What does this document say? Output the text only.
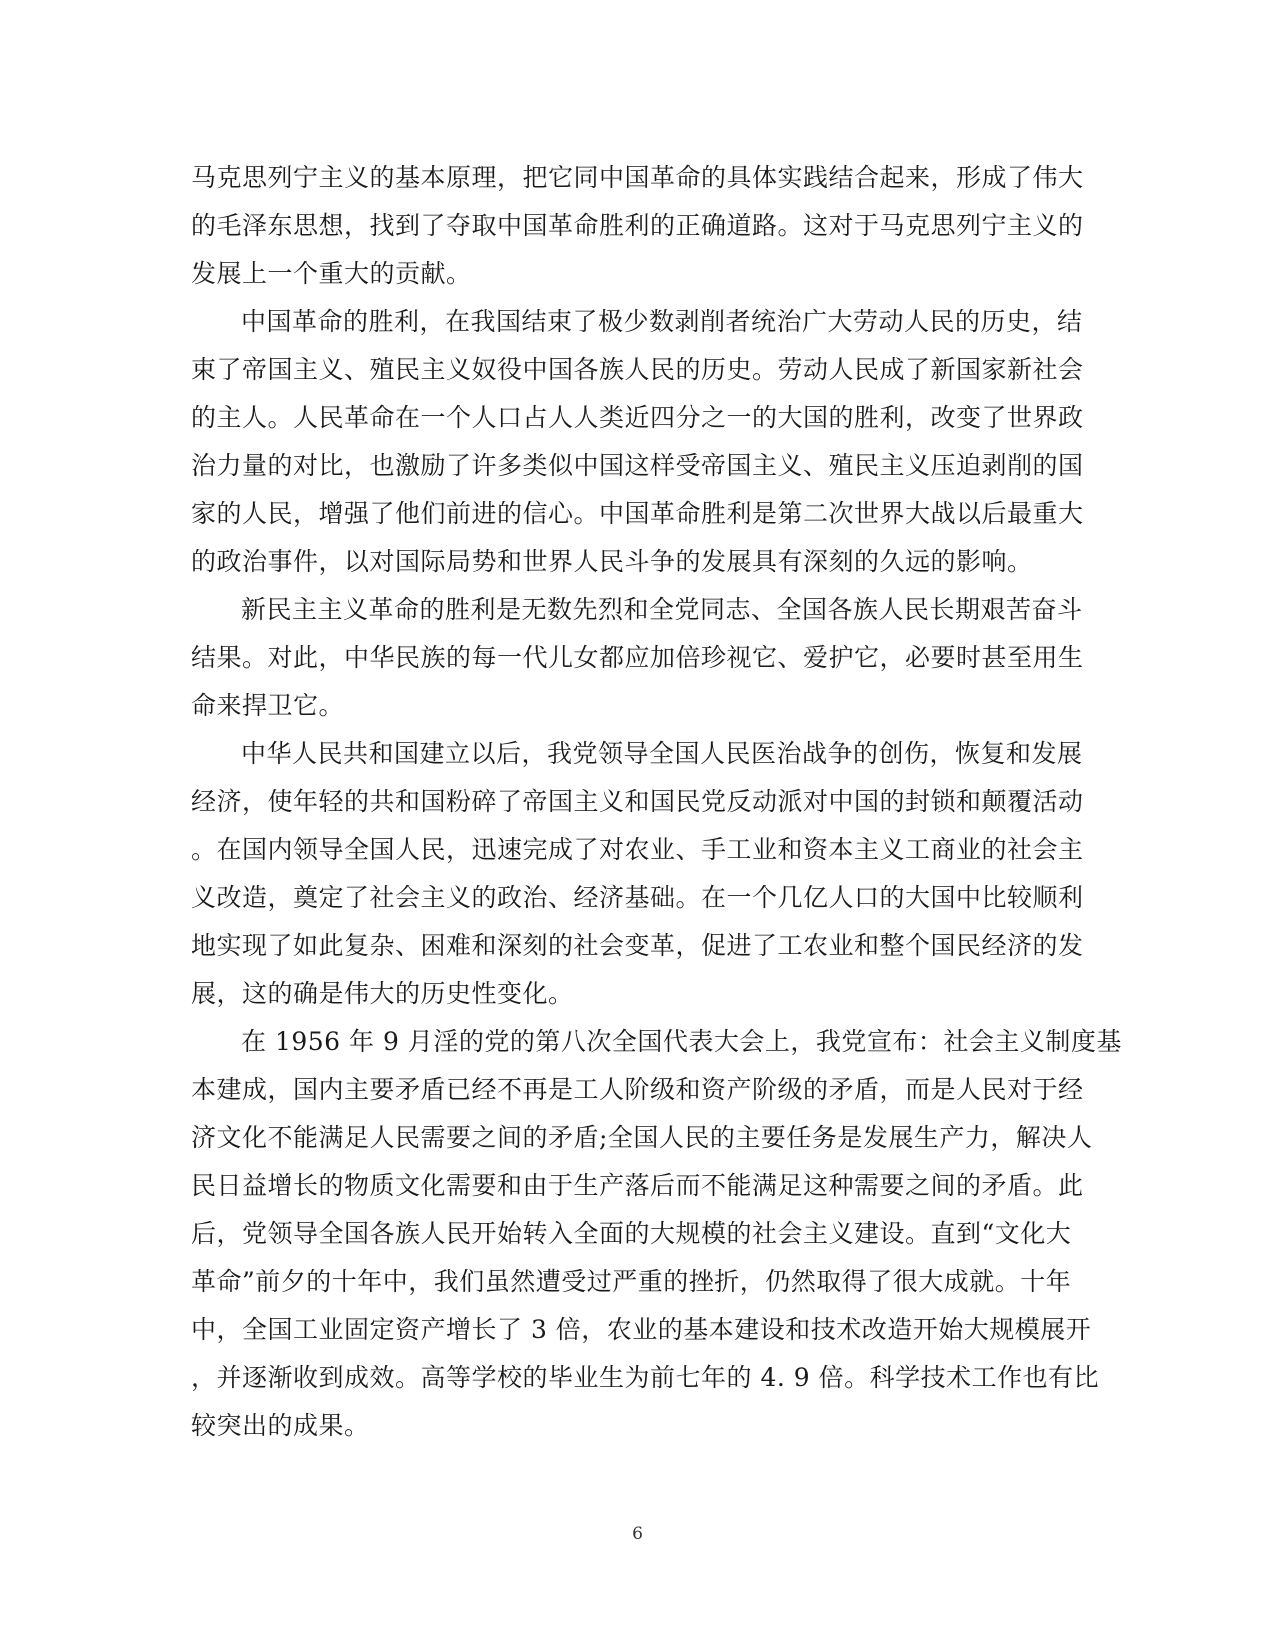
马克思列宁主义的基本原理，把它同中国革命的具体实践结合起来，形成了伟大
的毛泽东思想，找到了夺取中国革命胜利的正确道路。这对于马克思列宁主义的
发展上一个重大的贡献。
中国革命的胜利，在我国结束了极少数剥削者统治广大劳动人民的历史，结
束了帝国主义、殖民主义奴役中国各族人民的历史。劳动人民成了新国家新社会
的主人。人民革命在一个人口占人人类近四分之一的大国的胜利，改变了世界政
治力量的对比，也激励了许多类似中国这样受帝国主义、殖民主义压迫剥削的国
家的人民，增强了他们前进的信心。中国革命胜利是第二次世界大战以后最重大
的政治事件，以对国际局势和世界人民斗争的发展具有深刻的久远的影响。
新民主主义革命的胜利是无数先烈和全党同志、全国各族人民长期艰苦奋斗
结果。对此，中华民族的每一代儿女都应加倍珍视它、爱护它，必要时甚至用生
命来捍卫它。
中华人民共和国建立以后，我党领导全国人民医治战争的创伤，恢复和发展
经济，使年轻的共和国粉碎了帝国主义和国民党反动派对中国的封锁和颠覆活动
。在国内领导全国人民，迅速完成了对农业、手工业和资本主义工商业的社会主
义改造，奠定了社会主义的政治、经济基础。在一个几亿人口的大国中比较顺利
地实现了如此复杂、困难和深刻的社会变革，促进了工农业和整个国民经济的发
展，这的确是伟大的历史性变化。
在 1956 年 9 月淫的党的第八次全国代表大会上，我党宣布：社会主义制度基
本建成，国内主要矛盾已经不再是工人阶级和资产阶级的矛盾，而是人民对于经
济文化不能满足人民需要之间的矛盾;全国人民的主要任务是发展生产力，解决人
民日益增长的物质文化需要和由于生产落后而不能满足这种需要之间的矛盾。此
后，党领导全国各族人民开始转入全面的大规模的社会主义建设。直到“文化大
革命”前夕的十年中，我们虽然遭受过严重的挫折，仍然取得了很大成就。十年
中，全国工业固定资产增长了 3 倍，农业的基本建设和技术改造开始大规模展开
，并逐渐收到成效。高等学校的毕业生为前七年的 4. 9 倍。科学技术工作也有比
较突出的成果。
6
